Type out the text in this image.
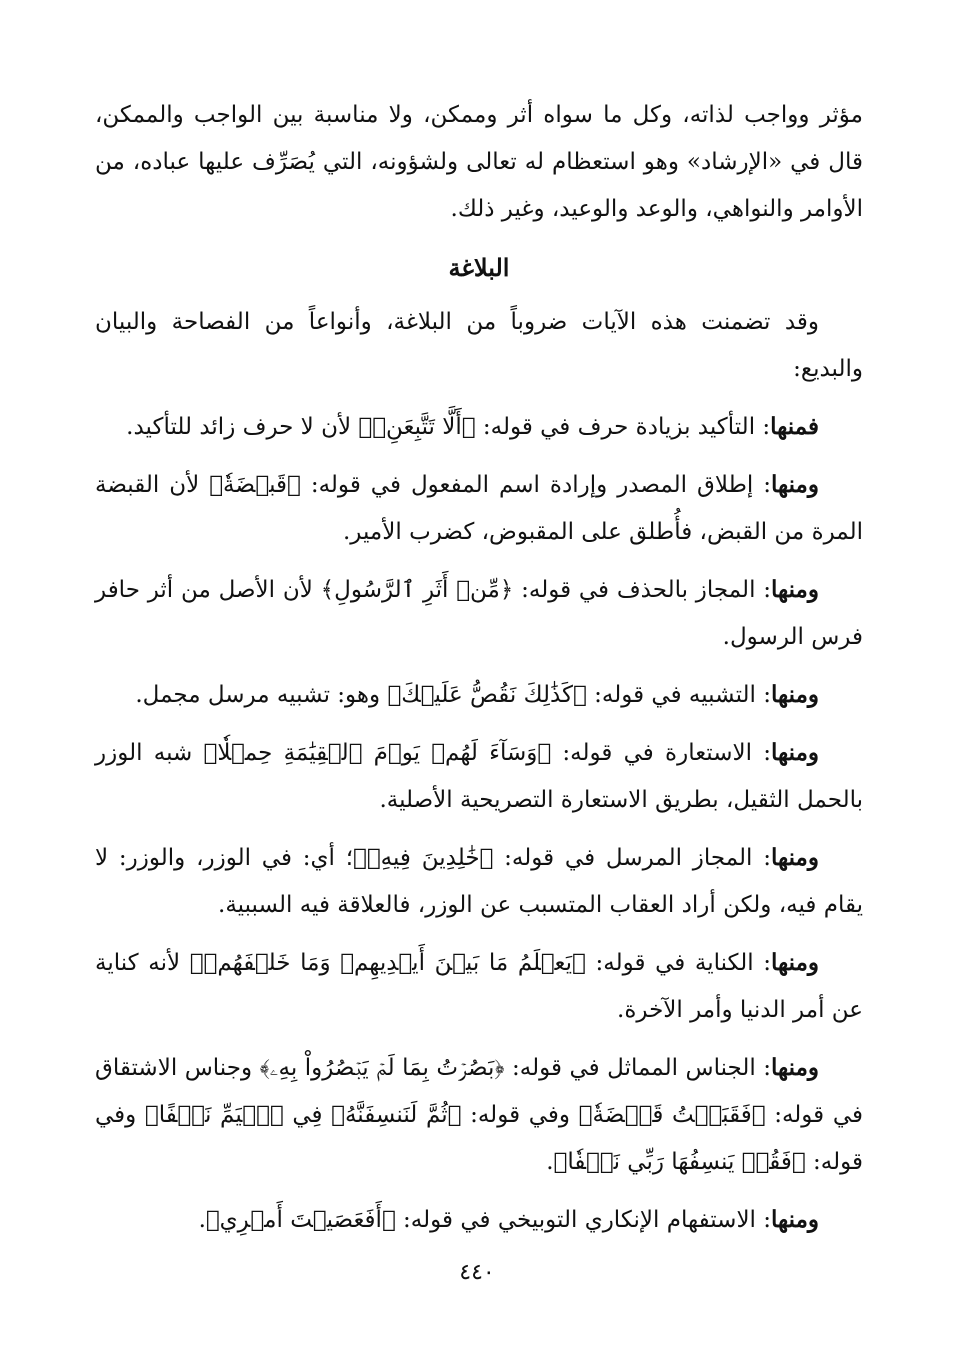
مؤثر وواجب لذاته، وكل ما سواه أثر وممكن، ولا مناسبة بين الواجب والممكن، قال في «الإرشاد» وهو استعظام له تعالى ولشؤونه، التي يُصَرِّف عليها عباده، من الأوامر والنواهي، والوعد والوعيد، وغير ذلك.

البلاغة

وقد تضمنت هذه الآيات ضروباً من البلاغة، وأنواعاً من الفصاحة والبيان والبديع:

فمنها: التأكيد بزيادة حرف في قوله: ﴿أَلَّا تَتَّبِعَنِۖ﴾ لأن لا حرف زائد للتأكيد.

ومنها: إطلاق المصدر وإرادة اسم المفعول في قوله: ﴿قَبۡضَةٗ﴾ لأن القبضة المرة من القبض، فأُطلق على المقبوض، كضرب الأمير.

ومنها: المجاز بالحذف في قوله: ﴿مِّنۡ أَثَرِ ٱلرَّسُولِ﴾ لأن الأصل من أثر حافر فرس الرسول.

ومنها: التشبيه في قوله: ﴿كَذَٰلِكَ نَقُصُّ عَلَيۡكَ﴾ وهو: تشبيه مرسل مجمل.

ومنها: الاستعارة في قوله: ﴿وَسَآءَ لَهُمۡ يَوۡمَ ٱلۡقِيَٰمَةِ حِمۡلٗا﴾ شبه الوزر بالحمل الثقيل، بطريق الاستعارة التصريحية الأصلية.

ومنها: المجاز المرسل في قوله: ﴿خَٰلِدِينَ فِيهِۖ﴾؛ أي: في الوزر، والوزر: لا يقام فيه، ولكن أراد العقاب المتسبب عن الوزر، فالعلاقة فيه السببية.

ومنها: الكناية في قوله: ﴿يَعۡلَمُ مَا بَيۡنَ أَيۡدِيهِمۡ وَمَا خَلۡفَهُمۡ﴾ لأنه كناية عن أمر الدنيا وأمر الآخرة.

ومنها: الجناس المماثل في قوله: ﴿بَصُرۡتُ بِمَا لَمۡ يَبۡصُرُواْ بِهِۦ﴾ وجناس الاشتقاق في قوله: ﴿فَقَبَضۡتُ قَبۡضَةٗ﴾ وفي قوله: ﴿ثُمَّ لَنَنسِفَنَّهُۥ فِي ٱلۡيَمِّ نَسۡفًا﴾ وفي قوله: ﴿فَقُلۡ يَنسِفُهَا رَبِّي نَسۡفٗا﴾.

ومنها: الاستفهام الإنكاري التوبيخي في قوله: ﴿أَفَعَصَيۡتَ أَمۡرِي﴾.

٤٤٠
